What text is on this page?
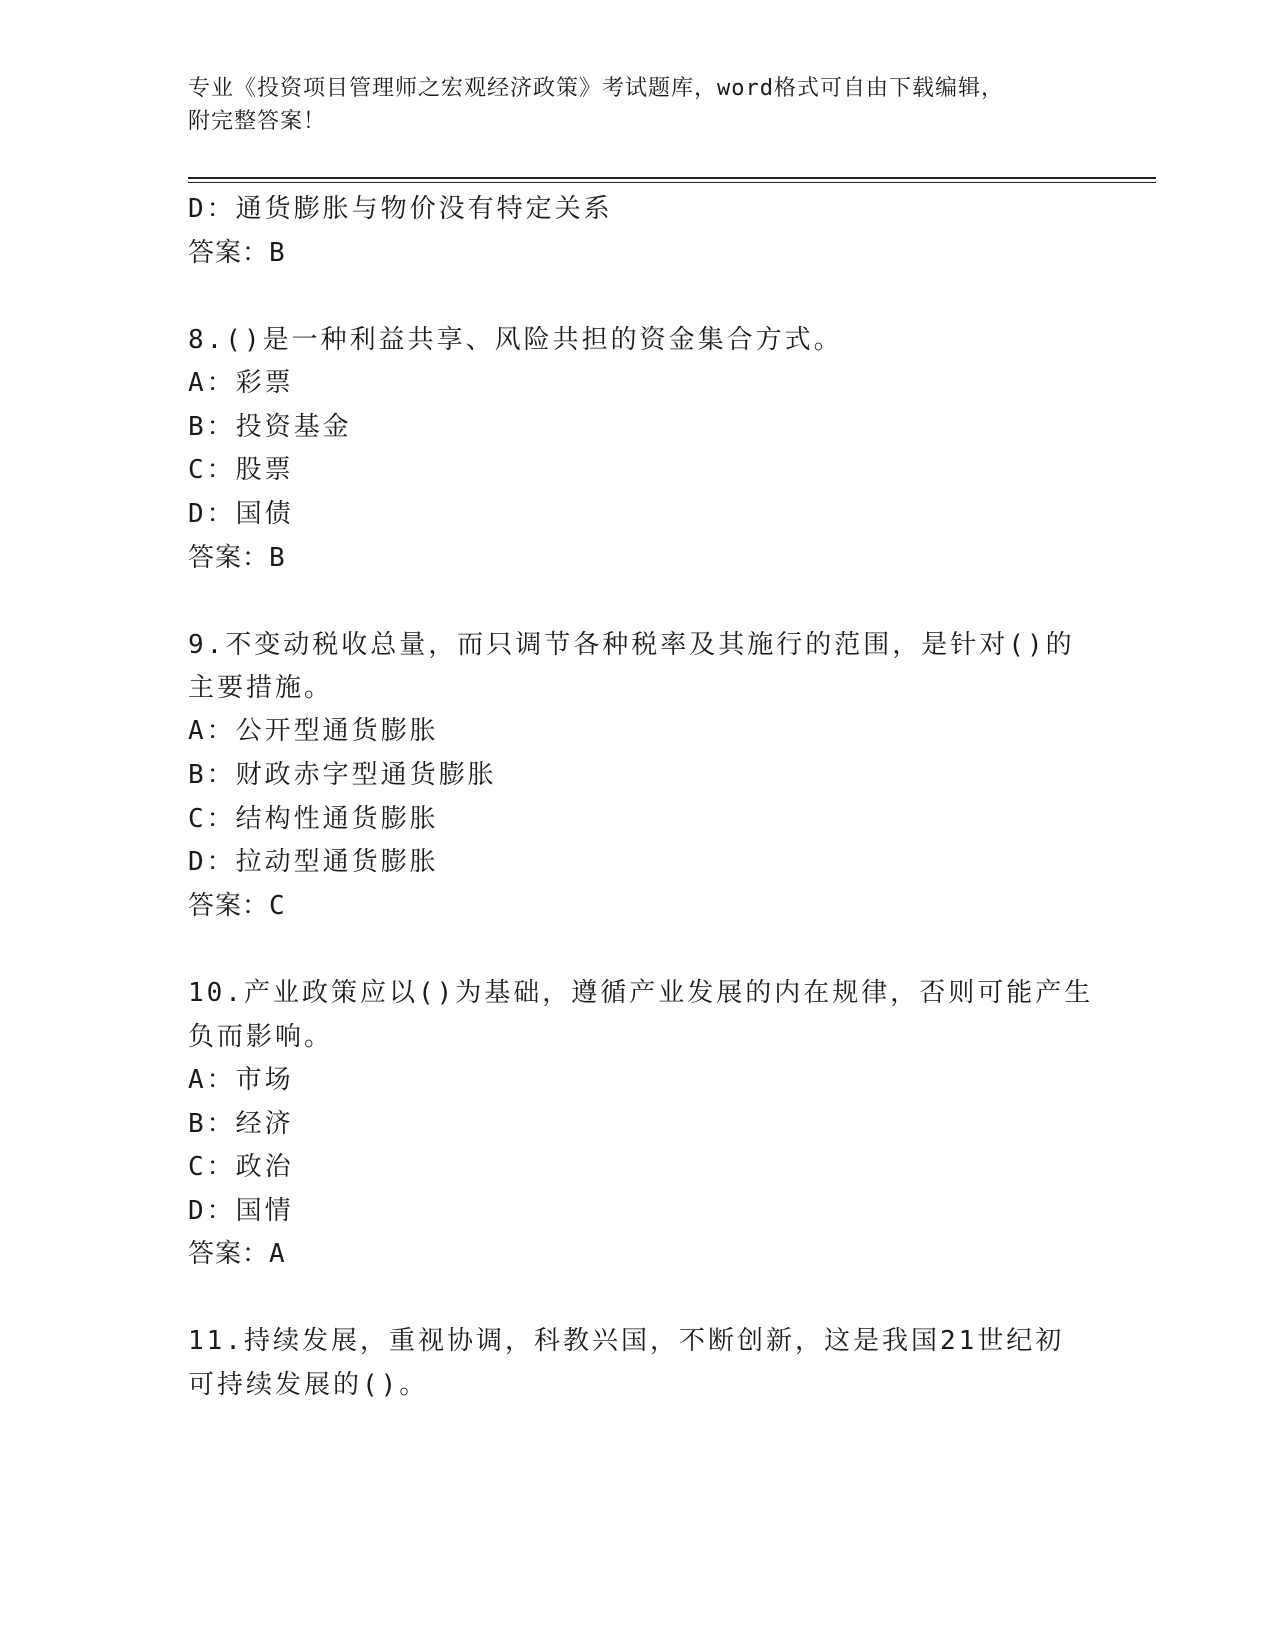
专业《投资项目管理师之宏观经济政策》考试题库，word格式可自由下载编辑，
附完整答案！
D：通货膨胀与物价没有特定关系
答案：B
8.()是一种利益共享、风险共担的资金集合方式。
A：彩票
B：投资基金
C：股票
D：国债
答案：B
9.不变动税收总量，而只调节各种税率及其施行的范围，是针对()的
主要措施。
A：公开型通货膨胀
B：财政赤字型通货膨胀
C：结构性通货膨胀
D：拉动型通货膨胀
答案：C
10.产业政策应以()为基础，遵循产业发展的内在规律，否则可能产生
负而影响。
A：市场
B：经济
C：政治
D：国情
答案：A
11.持续发展，重视协调，科教兴国，不断创新，这是我国21世纪初
可持续发展的()。
